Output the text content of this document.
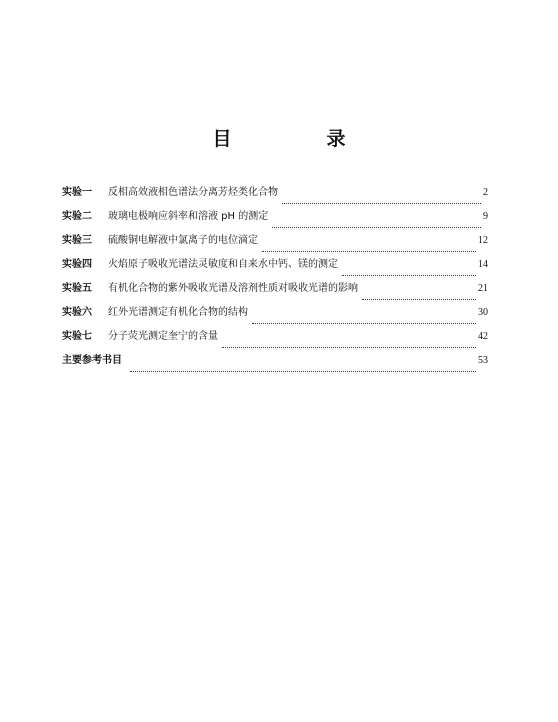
目　录
实验一	反相高效液相色谱法分离芳烃类化合物	2
实验二	玻璃电极响应斜率和溶液 pH 的测定	9
实验三	硫酸铜电解液中氯离子的电位滴定	12
实验四	火焰原子吸收光谱法灵敏度和自来水中钙、镁的测定	14
实验五	有机化合物的紫外吸收光谱及溶剂性质对吸收光谱的影响	21
实验六	红外光谱测定有机化合物的结构	30
实验七	分子荧光测定奎宁的含量	42
主要参考书目	53
